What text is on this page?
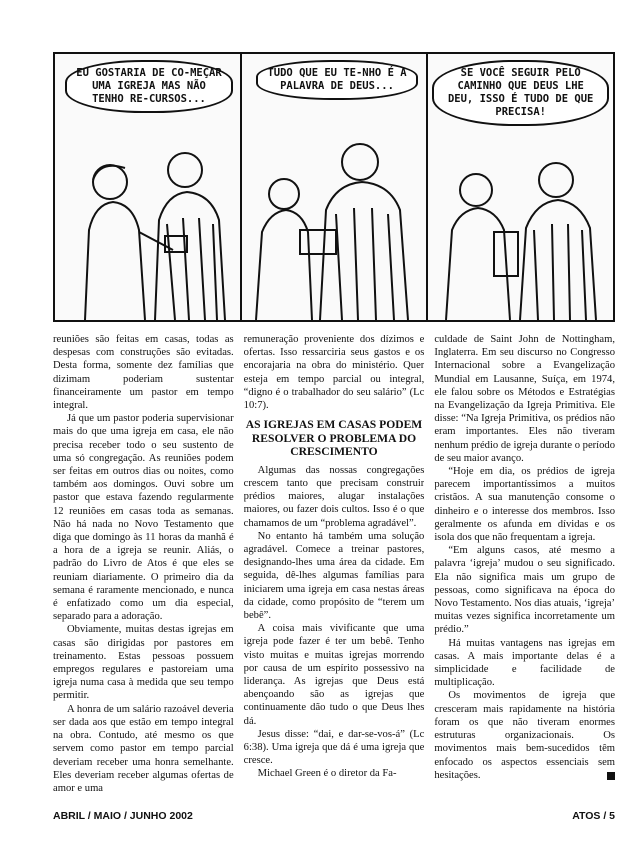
EU GOSTARIA DE CO-MEÇAR UMA IGREJA MAS NÃO TENHO RE-CURSOS...
TUDO QUE EU TE-NHO É A PALAVRA DE DEUS...
SE VOCÊ SEGUIR PELO CAMINHO QUE DEUS LHE DEU, ISSO É TUDO DE QUE PRECISA!

reuniões são feitas em casas, todas as despesas com construções são evitadas. Desta forma, somente dez famílias que dizimam poderiam sustentar financeiramente um pastor em tempo integral.

Já que um pastor poderia supervisionar mais do que uma igreja em casa, ele não precisa receber todo o seu sustento de uma só congregação. As reuniões podem ser feitas em outros dias ou noites, como também aos domingos. Ouvi sobre um pastor que estava fazendo regularmente 12 reuniões em casas toda as semanas. Não há nada no Novo Testamento que diga que domingo às 11 horas da manhã é a hora de a igreja se reunir. Aliás, o padrão do Livro de Atos é que eles se reuniam diariamente. O primeiro dia da semana é raramente mencionado, e nunca é enfatizado como um dia especial, separado para a adoração.

Obviamente, muitas destas igrejas em casas são dirigidas por pastores em treinamento. Estas pessoas possuem empregos regulares e pastoreiam uma igreja numa casa à medida que seu tempo permitir.

A honra de um salário razoável deveria ser dada aos que estão em tempo integral na obra. Contudo, até mesmo os que servem como pastor em tempo parcial deveriam receber uma honra semelhante. Eles deveriam receber algumas ofertas de amor e uma

remuneração proveniente dos dízimos e ofertas. Isso ressarciria seus gastos e os encorajaria na obra do ministério. Quer esteja em tempo parcial ou integral, “digno é o trabalhador do seu salário” (Lc 10:7).

AS IGREJAS EM CASAS PODEM RESOLVER O PROBLEMA DO CRESCIMENTO

Algumas das nossas congregações crescem tanto que precisam construir prédios maiores, alugar instalações maiores, ou fazer dois cultos. Isso é o que chamamos de um “problema agradável”.

No entanto há também uma solução agradável. Comece a treinar pastores, designando-lhes uma área da cidade. Em seguida, dê-lhes algumas famílias para iniciarem uma igreja em casa nestas áreas da cidade, como propósito de “terem um bebê”.

A coisa mais vivificante que uma igreja pode fazer é ter um bebê. Tenho visto muitas e muitas igrejas morrendo por causa de um espírito possessivo na liderança. As igrejas que Deus está abençoando são as igrejas que continuamente dão tudo o que Deus lhes dá.

Jesus disse: “dai, e dar-se-vos-á” (Lc 6:38). Uma igreja que dá é uma igreja que cresce.

Michael Green é o diretor da Fa-

culdade de Saint John de Nottingham, Inglaterra. Em seu discurso no Congresso Internacional sobre a Evangelização Mundial em Lausanne, Suíça, em 1974, ele falou sobre os Métodos e Estratégias na Evangelização da Igreja Primitiva. Ele disse: “Na Igreja Primitiva, os prédios não eram importantes. Eles não tiveram nenhum prédio de igreja durante o período de seu maior avanço.

“Hoje em dia, os prédios de igreja parecem importantíssimos a muitos cristãos. A sua manutenção consome o dinheiro e o interesse dos membros. Isso geralmente os afunda em dívidas e os isola dos que não frequentam a igreja.

“Em alguns casos, até mesmo a palavra ‘igreja’ mudou o seu significado. Ela não significa mais um grupo de pessoas, como significava na época do Novo Testamento. Nos dias atuais, ‘igreja’ muitas vezes significa incorretamente um prédio.”

Há muitas vantagens nas igrejas em casas. A mais importante delas é a simplicidade e facilidade de multiplicação.

Os movimentos de igreja que cresceram mais rapidamente na história foram os que não tiveram enormes estruturas organizacionais. Os movimentos mais bem-sucedidos têm enfocado os aspectos essenciais sem hesitações.

ABRIL / MAIO / JUNHO 2002	ATOS / 5
